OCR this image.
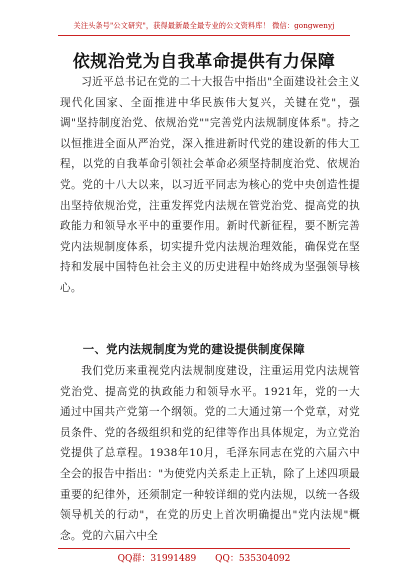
关注头条号"公文研究"，获得最新最全最专业的公文资料库！ 微信：gongwenyj
依规治党为自我革命提供有力保障

习近平总书记在党的二十大报告中指出"全面建设社会主义现代化国家、全面推进中华民族伟大复兴，关键在党"，强调"坚持制度治党、依规治党""完善党内法规制度体系"。持之以恒推进全面从严治党，深入推进新时代党的建设新的伟大工程，以党的自我革命引领社会革命必须坚持制度治党、依规治党。党的十八大以来，以习近平同志为核心的党中央创造性提出坚持依规治党，注重发挥党内法规在管党治党、提高党的执政能力和领导水平中的重要作用。新时代新征程，要不断完善党内法规制度体系，切实提升党内法规治理效能，确保党在坚持和发展中国特色社会主义的历史进程中始终成为坚强领导核心。

一、党内法规制度为党的建设提供制度保障

我们党历来重视党内法规制度建设，注重运用党内法规管党治党、提高党的执政能力和领导水平。1921年，党的一大通过中国共产党第一个纲领。党的二大通过第一个党章，对党员条件、党的各级组织和党的纪律等作出具体规定，为立党治党提供了总章程。1938年10月，毛泽东同志在党的六届六中全会的报告中指出："为使党内关系走上正轨，除了上述四项最重要的纪律外，还须制定一种较详细的党内法规，以统一各级领导机关的行动"，在党的历史上首次明确提出"党内法规"概念。党的六届六中全

QQ群：31991489 QQ：535304092
